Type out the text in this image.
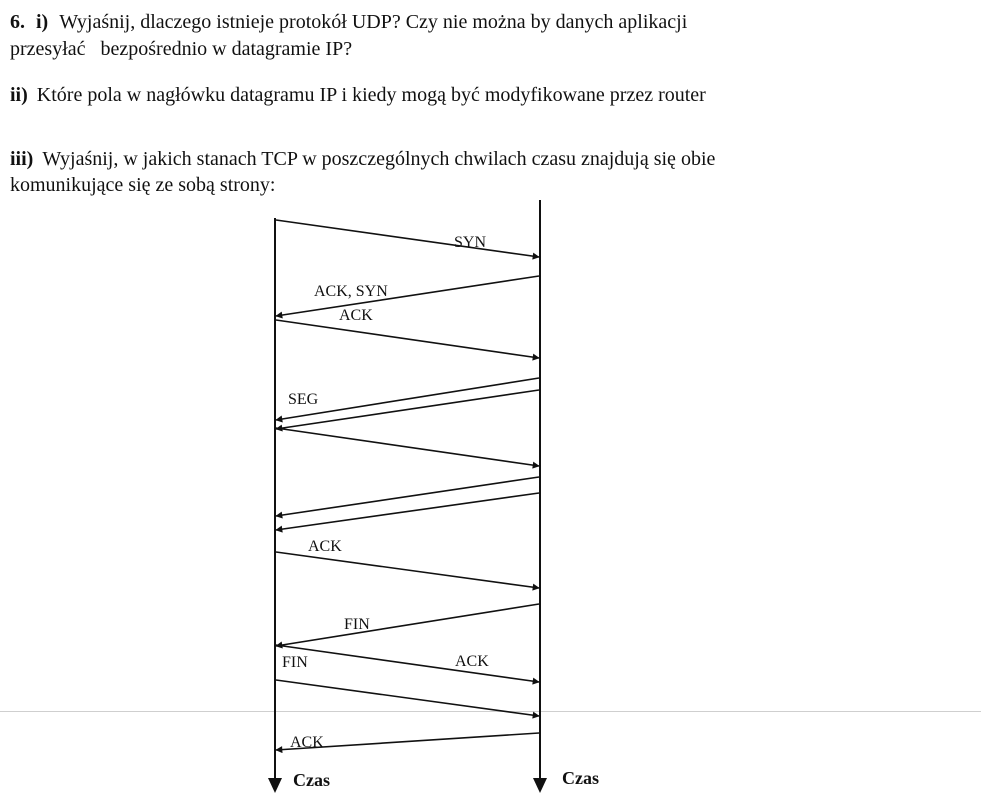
6. i) Wyjaśnij, dlaczego istnieje protokół UDP? Czy nie można by danych aplikacji
przesyłać   bezpośrednio w datagramie IP?
ii) Które pola w nagłówku datagramu IP i kiedy mogą być modyfikowane przez router
iii) Wyjaśnij, w jakich stanach TCP w poszczególnych chwilach czasu znajdują się obie
komunikujące się ze sobą strony:
SYN
ACK, SYN
ACK
SEG
ACK
FIN
FIN	ACK
ACK
Czas	Czas
